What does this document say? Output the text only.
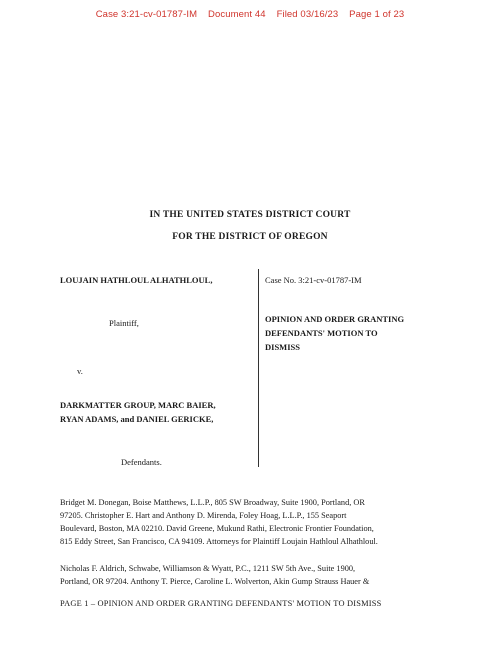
Case 3:21-cv-01787-IM    Document 44    Filed 03/16/23    Page 1 of 23
IN THE UNITED STATES DISTRICT COURT
FOR THE DISTRICT OF OREGON
LOUJAIN HATHLOUL ALHATHLOUL,
Plaintiff,
v.
DARKMATTER GROUP, MARC BAIER,
RYAN ADAMS, and DANIEL GERICKE,
Defendants.
Case No. 3:21-cv-01787-IM
OPINION AND ORDER GRANTING
DEFENDANTS' MOTION TO
DISMISS
Bridget M. Donegan, Boise Matthews, L.L.P., 805 SW Broadway, Suite 1900, Portland, OR
97205. Christopher E. Hart and Anthony D. Mirenda, Foley Hoag, L.L.P., 155 Seaport
Boulevard, Boston, MA 02210. David Greene, Mukund Rathi, Electronic Frontier Foundation,
815 Eddy Street, San Francisco, CA 94109. Attorneys for Plaintiff Loujain Hathloul Alhathloul.
Nicholas F. Aldrich, Schwabe, Williamson & Wyatt, P.C., 1211 SW 5th Ave., Suite 1900,
Portland, OR 97204. Anthony T. Pierce, Caroline L. Wolverton, Akin Gump Strauss Hauer &
PAGE 1 – OPINION AND ORDER GRANTING DEFENDANTS' MOTION TO DISMISS
